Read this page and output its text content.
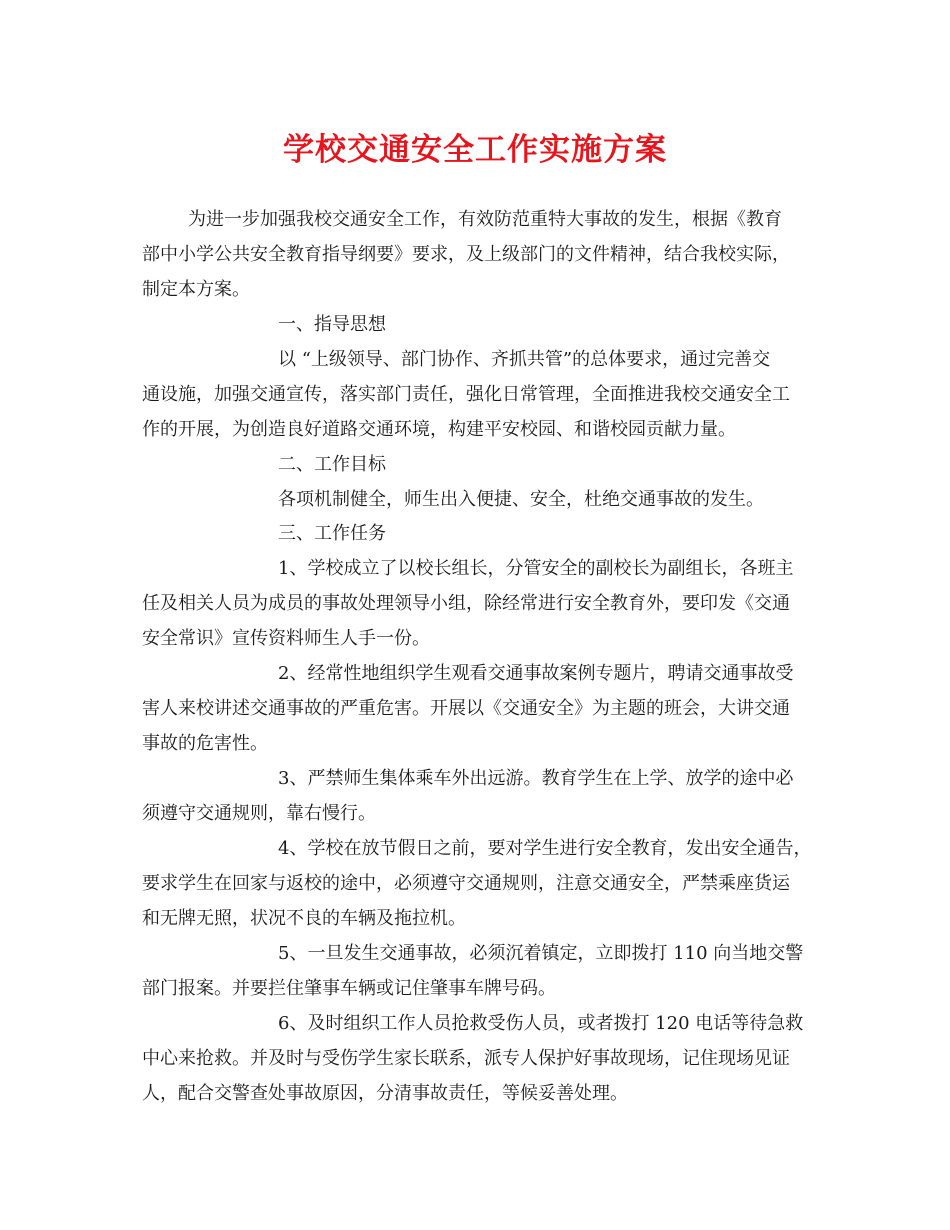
学校交通安全工作实施方案

为进一步加强我校交通安全工作，有效防范重特大事故的发生，根据《教育

部中小学公共安全教育指导纲要》要求，及上级部门的文件精神，结合我校实际，

制定本方案。

一、指导思想

以 “上级领导、部门协作、齐抓共管”的总体要求，通过完善交

通设施，加强交通宣传，落实部门责任，强化日常管理，全面推进我校交通安全工

作的开展，为创造良好道路交通环境，构建平安校园、和谐校园贡献力量。

二、工作目标

各项机制健全，师生出入便捷、安全，杜绝交通事故的发生。

三、工作任务

1、学校成立了以校长组长，分管安全的副校长为副组长，各班主

任及相关人员为成员的事故处理领导小组，除经常进行安全教育外，要印发《交通

安全常识》宣传资料师生人手一份。

2、经常性地组织学生观看交通事故案例专题片，聘请交通事故受

害人来校讲述交通事故的严重危害。开展以《交通安全》为主题的班会，大讲交通

事故的危害性。

3、严禁师生集体乘车外出远游。教育学生在上学、放学的途中必

须遵守交通规则，靠右慢行。

4、学校在放节假日之前，要对学生进行安全教育，发出安全通告，

要求学生在回家与返校的途中，必须遵守交通规则，注意交通安全，严禁乘座货运

和无牌无照，状况不良的车辆及拖拉机。

5、一旦发生交通事故，必须沉着镇定，立即拨打 110 向当地交警

部门报案。并要拦住肇事车辆或记住肇事车牌号码。

6、及时组织工作人员抢救受伤人员，或者拨打 120 电话等待急救

中心来抢救。并及时与受伤学生家长联系，派专人保护好事故现场，记住现场见证

人，配合交警查处事故原因，分清事故责任，等候妥善处理。
